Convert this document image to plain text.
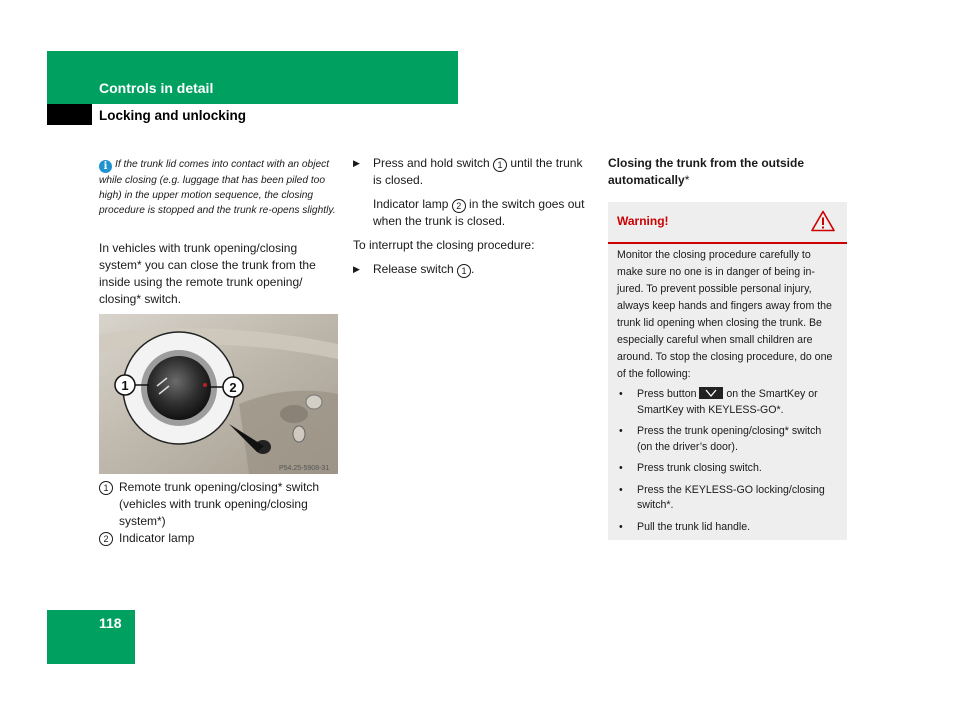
Controls in detail
Locking and unlocking
i If the trunk lid comes into contact with an object while closing (e.g. luggage that has been piled too high) in the upper motion sequence, the closing procedure is stopped and the trunk re-opens slightly.
In vehicles with trunk opening/closing system* you can close the trunk from the inside using the remote trunk opening/ closing* switch.
1	2
P54.25-5908-31
1 Remote trunk opening/closing* switch (vehicles with trunk opening/closing system*)
2 Indicator lamp
▶	Press and hold switch 1 until the trunk is closed.
Indicator lamp 2 in the switch goes out when the trunk is closed.
To interrupt the closing procedure:
▶	Release switch 1 .
Closing the trunk from the outside automatically*
Warning!
Monitor the closing procedure carefully to make sure no one is in danger of being in-jured. To prevent possible personal injury, always keep hands and fingers away from the trunk lid opening when closing the trunk. Be especially careful when small children are around. To stop the closing procedure, do one of the following:
• Press button  on the SmartKey or SmartKey with KEYLESS-GO*.
• Press the trunk opening/closing* switch (on the driver’s door).
• Press trunk closing switch.
• Press the KEYLESS-GO locking/closing switch*.
• Pull the trunk lid handle.
118
